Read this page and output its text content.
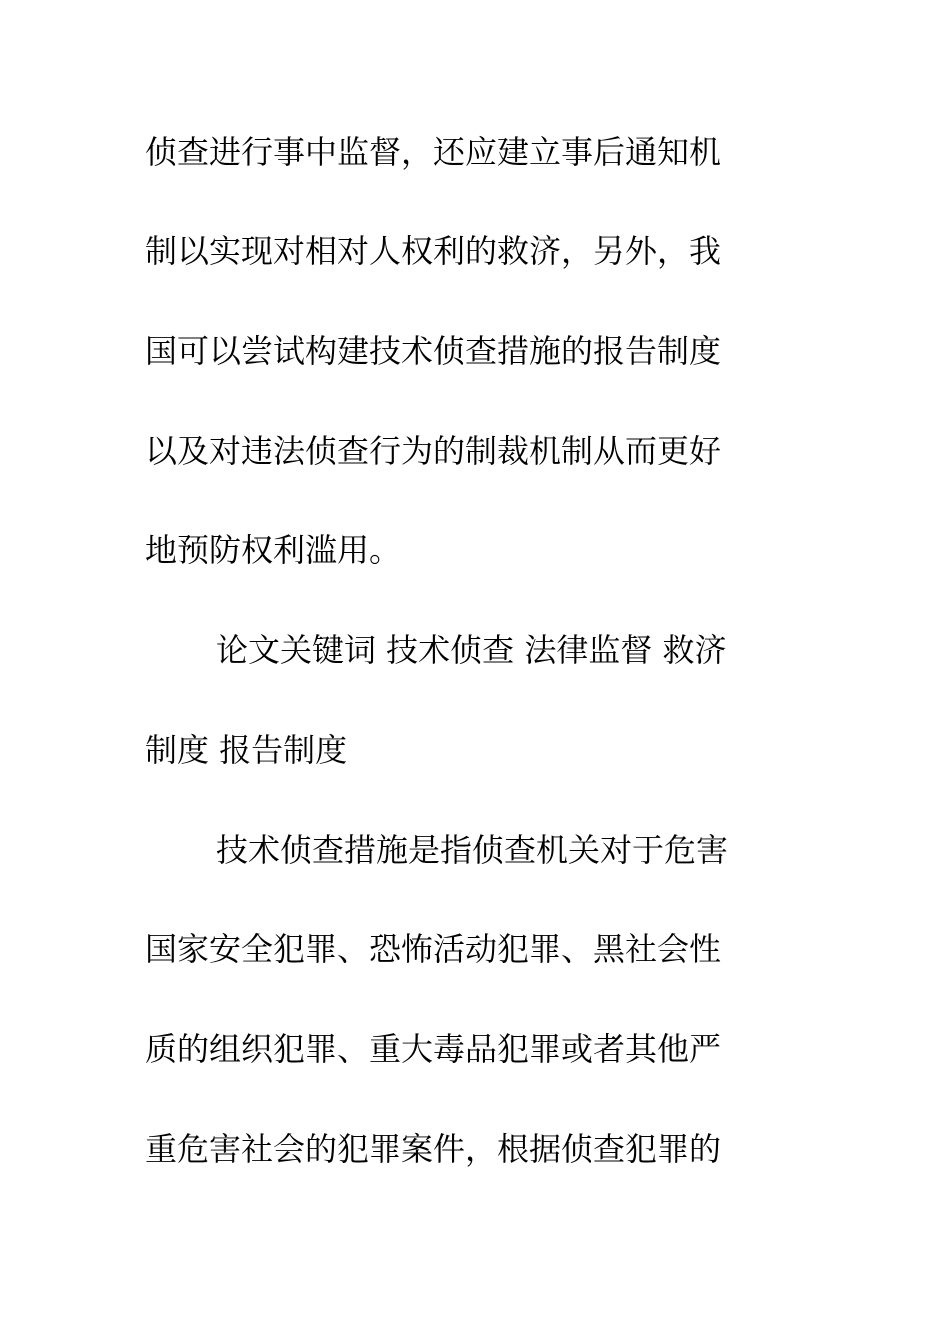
侦查进行事中监督，还应建立事后通知机
制以实现对相对人权利的救济，另外，我
国可以尝试构建技术侦查措施的报告制度
以及对违法侦查行为的制裁机制从而更好
地预防权利滥用。
论文关键词 技术侦查 法律监督 救济
制度 报告制度
技术侦查措施是指侦查机关对于危害
国家安全犯罪、恐怖活动犯罪、黑社会性
质的组织犯罪、重大毒品犯罪或者其他严
重危害社会的犯罪案件，根据侦查犯罪的
